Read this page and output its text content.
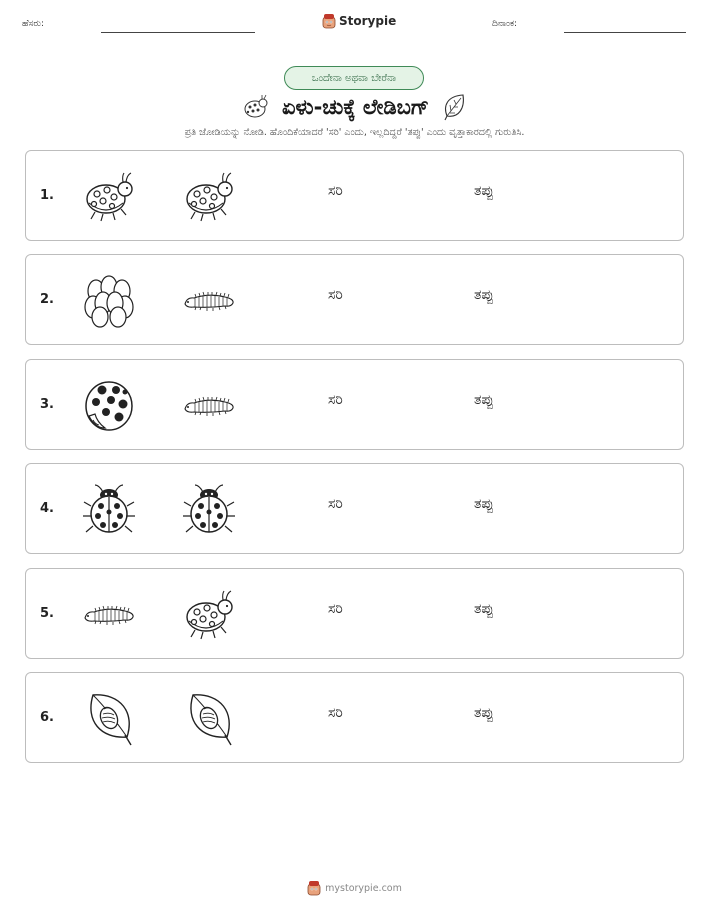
ಹೆಸರು:	Storypie	ದಿನಾಂಕ:
ಒಂದೇನಾ ಅಥವಾ ಬೇರೆನಾ
ಏಳು-ಚುಕ್ಕೆ ಲೇಡಿಬಗ್
ಪ್ರತಿ ಜೋಡಿಯನ್ನು ನೋಡಿ. ಹೊಂದಿಕೆಯಾದರೆ 'ಸರಿ' ಎಂದು, ಇಲ್ಲದಿದ್ದರೆ 'ತಪ್ಪು' ಎಂದು ವೃತ್ತಾಕಾರದಲ್ಲಿ ಗುರುತಿಸಿ.
1.	ಸರಿ	ತಪ್ಪು
2.	ಸರಿ	ತಪ್ಪು
3.	ಸರಿ	ತಪ್ಪು
4.	ಸರಿ	ತಪ್ಪು
5.	ಸರಿ	ತಪ್ಪು
6.	ಸರಿ	ತಪ್ಪು
mystorypie.com
